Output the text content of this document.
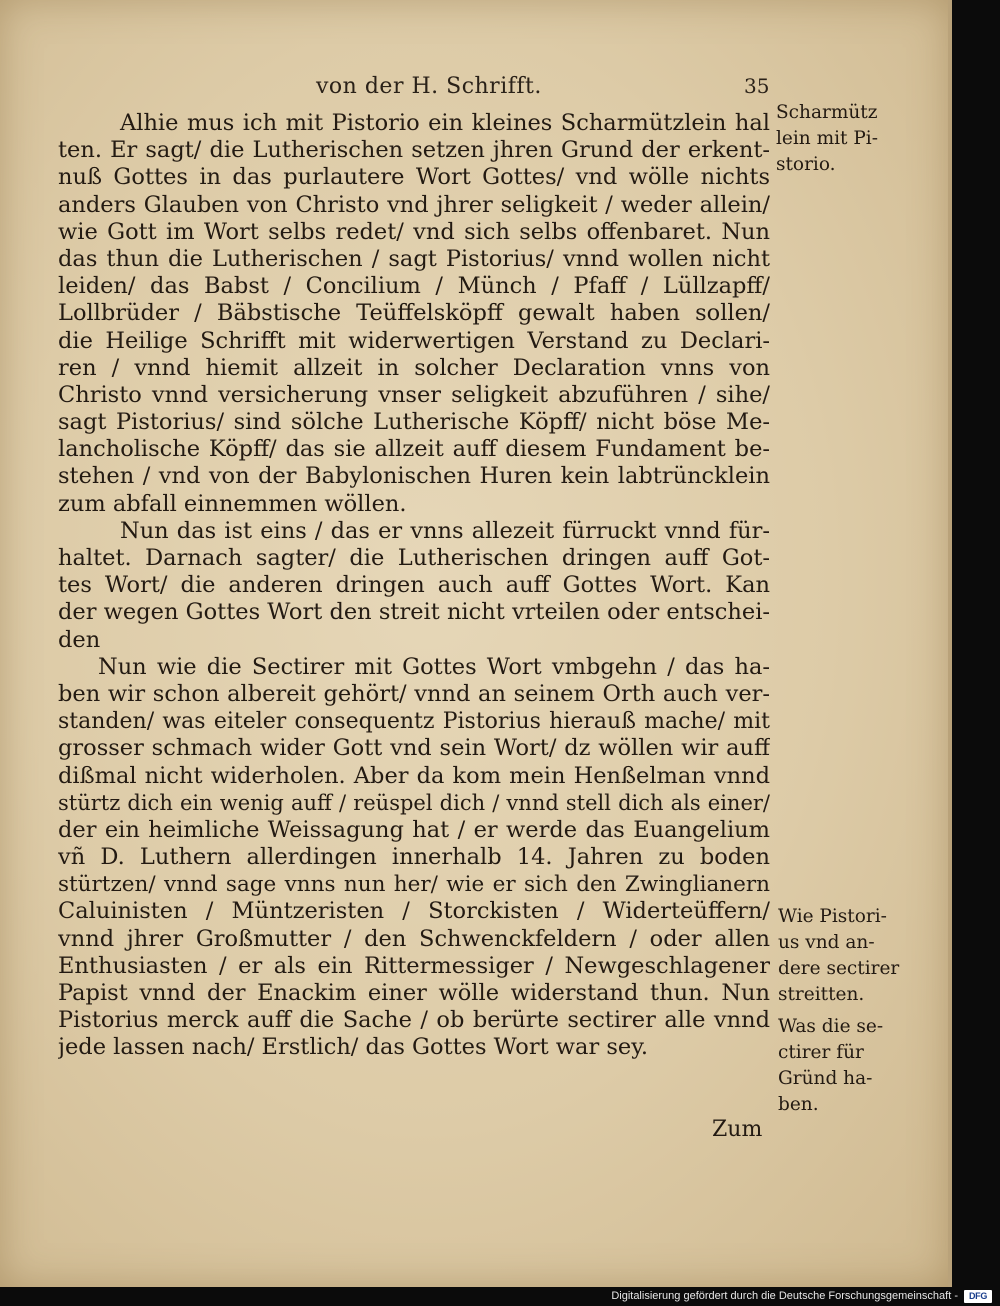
von der H. Schrifft.	35
Alhie mus ich mit Pistorio ein kleines Scharmützlein hal
ten. Er sagt/ die Lutherischen setzen jhren Grund der erkent-
nuß Gottes in das purlautere Wort Gottes/ vnd wölle nichts
anders Glauben von Christo vnd jhrer seligkeit / weder allein/
wie Gott im Wort selbs redet/ vnd sich selbs offenbaret. Nun
das thun die Lutherischen / sagt Pistorius/ vnnd wollen nicht
leiden/ das Babst / Concilium / Münch / Pfaff / Lüllzapff/
Lollbrüder / Bäbstische Teüffelsköpff gewalt haben sollen/
die Heilige Schrifft mit widerwertigen Verstand zu Declari-
ren / vnnd hiemit allzeit in solcher Declaration vnns von
Christo vnnd versicherung vnser seligkeit abzuführen / sihe/
sagt Pistorius/ sind sölche Lutherische Köpff/ nicht böse Me-
lancholische Köpff/ das sie allzeit auff diesem Fundament be-
stehen / vnd von der Babylonischen Huren kein labtrüncklein
zum abfall einnemmen wöllen.
Nun das ist eins / das er vnns allezeit fürruckt vnnd für-
haltet. Darnach sagter/ die Lutherischen dringen auff Got-
tes Wort/ die anderen dringen auch auff Gottes Wort. Kan
der wegen Gottes Wort den streit nicht vrteilen oder entschei-
den
Nun wie die Sectirer mit Gottes Wort vmbgehn / das ha-
ben wir schon albereit gehört/ vnnd an seinem Orth auch ver-
standen/ was eiteler consequentz Pistorius hierauß mache/ mit
grosser schmach wider Gott vnd sein Wort/ dz wöllen wir auff
dißmal nicht widerholen. Aber da kom mein Henßelman vnnd
stürtz dich ein wenig auff / reüspel dich / vnnd stell dich als einer/
der ein heimliche Weissagung hat / er werde das Euangelium
vñ D. Luthern allerdingen innerhalb 14. Jahren zu boden
stürtzen/ vnnd sage vnns nun her/ wie er sich den Zwinglianern
Caluinisten / Müntzeristen / Storckisten / Widerteüffern/
vnnd jhrer Großmutter / den Schwenckfeldern / oder allen
Enthusiasten / er als ein Rittermessiger / Newgeschlagener
Papist vnnd der Enackim einer wölle widerstand thun. Nun
Pistorius merck auff die Sache / ob berürte sectirer alle vnnd
jede lassen nach/ Erstlich/ das Gottes Wort war sey.
Scharmütz
lein mit Pi-
storio.
Wie Pistori-
us vnd an-
dere sectirer
streitten.
Was die se-
ctirer für
Gründ ha-
ben.
Zum
Digitalisierung gefördert durch die Deutsche Forschungsgemeinschaft -	DFG
